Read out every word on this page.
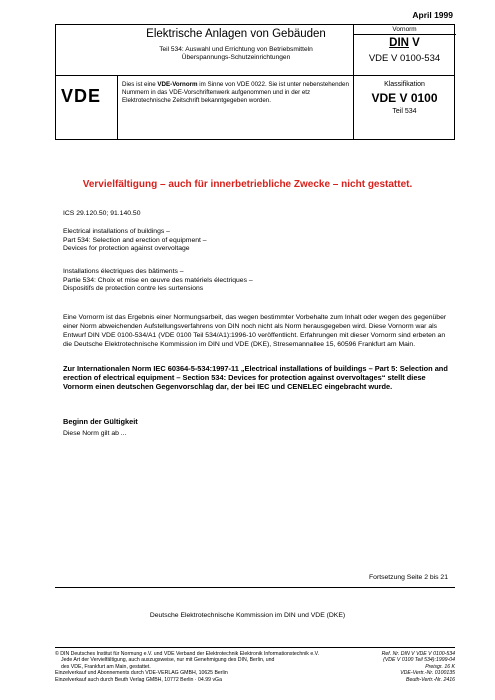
April 1999
Elektrische Anlagen von Gebäuden
Teil 534: Auswahl und Errichtung von Betriebsmitteln
Überspannungs-Schutzeinrichtungen
Vornorm
DIN V
VDE V 0100-534
VDE
Dies ist eine VDE-Vornorm im Sinne von VDE 0022. Sie ist unter nebenstehenden Nummern in das VDE-Vorschriftenwerk aufgenommen und in der etz Elektrotechnische Zeitschrift bekanntgegeben worden.
Klassifikation
VDE V 0100
Teil 534
Vervielfältigung – auch für innerbetriebliche Zwecke – nicht gestattet.
ICS 29.120.50; 91.140.50
Electrical installations of buildings –
Part 534: Selection and erection of equipment –
Devices for protection against overvoltage
Installations électriques des bâtiments –
Partie 534: Choix et mise en œuvre des matériels électriques –
Dispositifs de protection contre les surtensions
Eine Vornorm ist das Ergebnis einer Normungsarbeit, das wegen bestimmter Vorbehalte zum Inhalt oder wegen des gegenüber einer Norm abweichenden Aufstellungsverfahrens von DIN noch nicht als Norm herausgegeben wird. Diese Vornorm war als Entwurf DIN VDE 0100-534/A1 (VDE 0100 Teil 534/A1):1996-10 veröffentlicht. Erfahrungen mit dieser Vornorm sind erbeten an die Deutsche Elektrotechnische Kommission im DIN und VDE (DKE), Stresemannallee 15, 60596 Frankfurt am Main.
Zur Internationalen Norm IEC 60364-5-534:1997-11 „Electrical installations of buildings – Part 5: Selection and erection of electrical equipment – Section 534: Devices for protection against overvoltages“ stellt diese Vornorm einen deutschen Gegenvorschlag dar, der bei IEC und CENELEC eingebracht wurde.
Beginn der Gültigkeit
Diese Norm gilt ab ...
Fortsetzung Seite 2 bis 21
Deutsche Elektrotechnische Kommission im DIN und VDE (DKE)
© DIN Deutsches Institut für Normung e.V. und VDE Verband der Elektrotechnik Elektronik Informationstechnik e.V.
Jede Art der Vervielfältigung, auch auszugsweise, nur mit Genehmigung des DIN, Berlin, und
des VDE, Frankfurt am Main, gestattet.
Einzelverkauf und Abonnements durch VDE-VERLAG GMBH, 10625 Berlin
Einzelverkauf auch durch Beuth Verlag GMBH, 10772 Berlin · 04.99 vGa
Ref. Nr. DIN V VDE V 0100-534
(VDE V 0100 Teil 534):1999-04
Preisgr. 16 K
VDE-Vertr.-Nr. 0100135
Beuth-Vertr.-Nr. 2416
